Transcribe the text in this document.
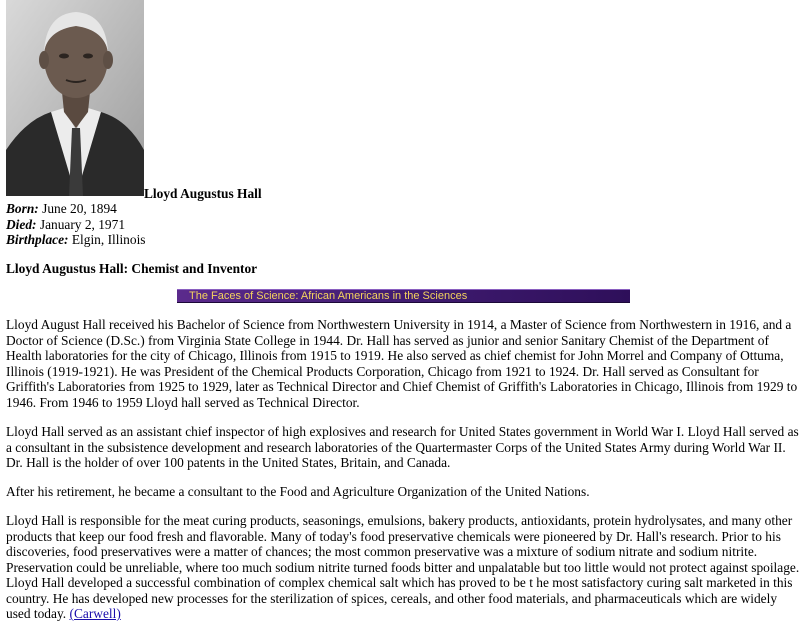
Lloyd Augustus Hall
Born: June 20, 1894
Died: January 2, 1971
Birthplace: Elgin, Illinois
Lloyd Augustus Hall: Chemist and Inventor
The Faces of Science: African Americans in the Sciences

Lloyd August Hall received his Bachelor of Science from Northwestern University in 1914, a Master of Science from Northwestern in 1916, and a Doctor of Science (D.Sc.) from Virginia State College in 1944. Dr. Hall has served as junior and senior Sanitary Chemist of the Department of Health laboratories for the city of Chicago, Illinois from 1915 to 1919. He also served as chief chemist for John Morrel and Company of Ottuma, Illinois (1919-1921). He was President of the Chemical Products Corporation, Chicago from 1921 to 1924. Dr. Hall served as Consultant for Griffith's Laboratories from 1925 to 1929, later as Technical Director and Chief Chemist of Griffith's Laboratories in Chicago, Illinois from 1929 to 1946. From 1946 to 1959 Lloyd hall served as Technical Director.

Lloyd Hall served as an assistant chief inspector of high explosives and research for United States government in World War I. Lloyd Hall served as a consultant in the subsistence development and research laboratories of the Quartermaster Corps of the United States Army during World War II. Dr. Hall is the holder of over 100 patents in the United States, Britain, and Canada.

After his retirement, he became a consultant to the Food and Agriculture Organization of the United Nations.

Lloyd Hall is responsible for the meat curing products, seasonings, emulsions, bakery products, antioxidants, protein hydrolysates, and many other products that keep our food fresh and flavorable. Many of today's food preservative chemicals were pioneered by Dr. Hall's research. Prior to his discoveries, food preservatives were a matter of chances; the most common preservative was a mixture of sodium nitrate and sodium nitrite. Preservation could be unreliable, where too much sodium nitrite turned foods bitter and unpalatable but too little would not protect against spoilage. Lloyd Hall developed a successful combination of complex chemical salt which has proved to be t he most satisfactory curing salt marketed in this country. He has developed new processes for the sterilization of spices, cereals, and other food materials, and pharmaceuticals which are widely used today. (Carwell)
